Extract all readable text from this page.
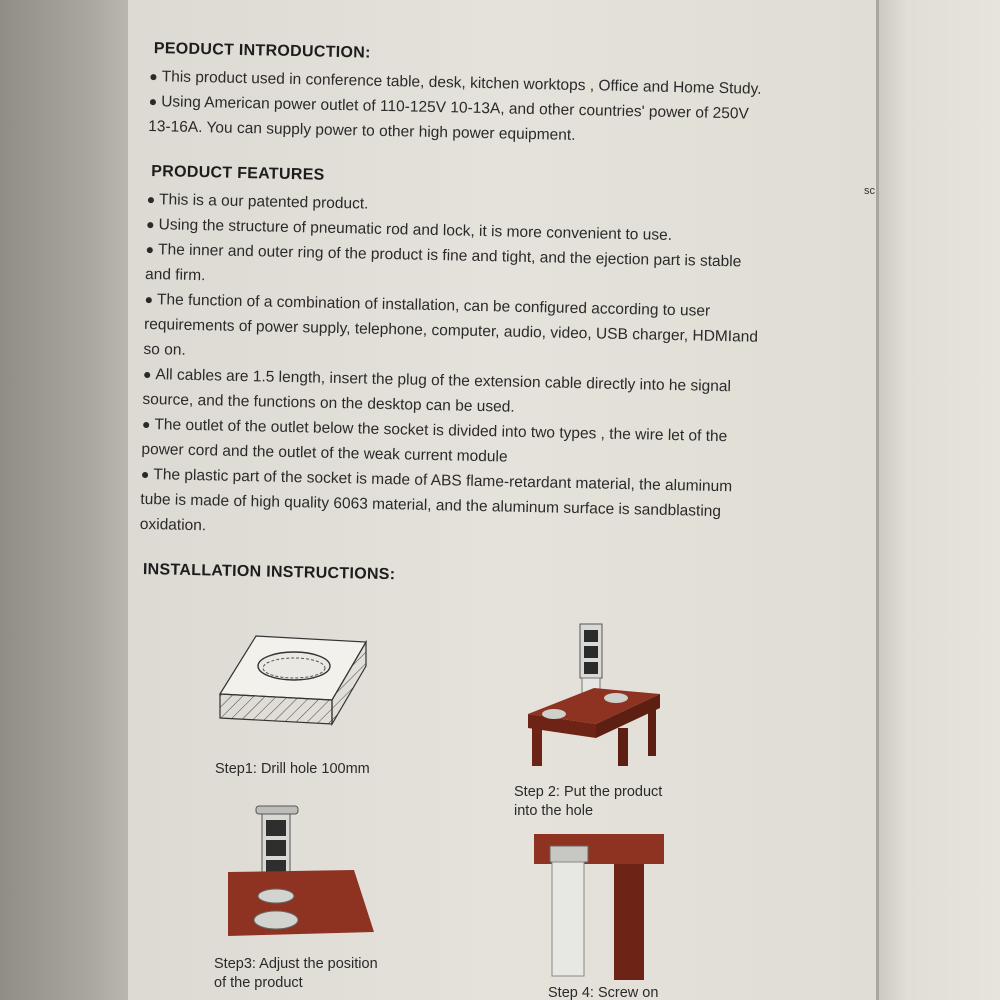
PEODUCT INTRODUCTION:

● This product used in conference table, desk, kitchen worktops , Office and Home Study.

● Using American power outlet of 110-125V 10-13A, and other countries' power of 250V 13-16A. You can supply power to other high power equipment.

PRODUCT FEATURES

● This is a our patented product.

● Using the structure of pneumatic rod and lock, it is more convenient to use.

● The inner and outer ring of the product is fine and tight, and the ejection part is stable and firm.

● The function of a combination of installation, can be configured according to user requirements of power supply, telephone, computer, audio, video, USB charger, HDMIand so on.

● All cables are 1.5 length, insert the plug of the extension cable directly into he signal source, and the functions on the desktop can be used.

● The outlet of the outlet below the socket is divided into two types , the wire let of the power cord and the outlet of the weak current module

● The plastic part of the socket is made of ABS flame-retardant material, the aluminum tube is made of high quality 6063 material, and the aluminum surface is sandblasting oxidation.

INSTALLATION INSTRUCTIONS:
Step1: Drill hole 100mm
Step 2: Put the product
into the hole
Step3: Adjust the position
of the product
Step 4: Screw on
sc
